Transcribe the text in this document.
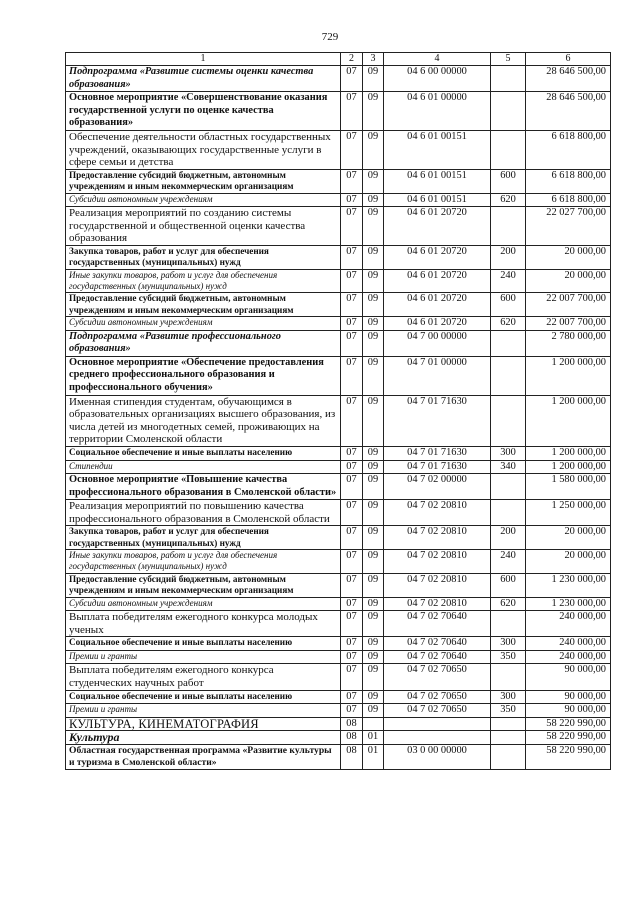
729
1	2	3	4	5	6
Подпрограмма «Развитие системы оценки качества образования»	07	09	04 6 00 00000		28 646 500,00
Основное мероприятие «Совершенствование оказания государственной услуги по оценке качества образования»	07	09	04 6 01 00000		28 646 500,00
Обеспечение деятельности областных государственных учреждений, оказывающих государственные услуги в сфере семьи и детства	07	09	04 6 01 00151		6 618 800,00
Предоставление субсидий бюджетным, автономным учреждениям и иным некоммерческим организациям	07	09	04 6 01 00151	600	6 618 800,00
Субсидии автономным учреждениям	07	09	04 6 01 00151	620	6 618 800,00
Реализация мероприятий по созданию системы государственной и общественной оценки качества образования	07	09	04 6 01 20720		22 027 700,00
Закупка товаров, работ и услуг для обеспечения государственных (муниципальных) нужд	07	09	04 6 01 20720	200	20 000,00
Иные закупки товаров, работ и услуг для обеспечения государственных (муниципальных) нужд	07	09	04 6 01 20720	240	20 000,00
Предоставление субсидий бюджетным, автономным учреждениям и иным некоммерческим организациям	07	09	04 6 01 20720	600	22 007 700,00
Субсидии автономным учреждениям	07	09	04 6 01 20720	620	22 007 700,00
Подпрограмма «Развитие профессионального образования»	07	09	04 7 00 00000		2 780 000,00
Основное мероприятие «Обеспечение предоставления среднего профессионального образования и профессионального обучения»	07	09	04 7 01 00000		1 200 000,00
Именная стипендия студентам, обучающимся в образовательных организациях высшего образования, из числа детей из многодетных семей, проживающих на территории Смоленской области	07	09	04 7 01 71630		1 200 000,00
Социальное обеспечение и иные выплаты населению	07	09	04 7 01 71630	300	1 200 000,00
Стипендии	07	09	04 7 01 71630	340	1 200 000,00
Основное мероприятие «Повышение качества профессионального образования в Смоленской области»	07	09	04 7 02 00000		1 580 000,00
Реализация мероприятий по повышению качества профессионального образования в Смоленской области	07	09	04 7 02 20810		1 250 000,00
Закупка товаров, работ и услуг для обеспечения государственных (муниципальных) нужд	07	09	04 7 02 20810	200	20 000,00
Иные закупки товаров, работ и услуг для обеспечения государственных (муниципальных) нужд	07	09	04 7 02 20810	240	20 000,00
Предоставление субсидий бюджетным, автономным учреждениям и иным некоммерческим организациям	07	09	04 7 02 20810	600	1 230 000,00
Субсидии автономным учреждениям	07	09	04 7 02 20810	620	1 230 000,00
Выплата победителям ежегодного конкурса молодых ученых	07	09	04 7 02 70640		240 000,00
Социальное обеспечение и иные выплаты населению	07	09	04 7 02 70640	300	240 000,00
Премии и гранты	07	09	04 7 02 70640	350	240 000,00
Выплата победителям ежегодного конкурса студенческих научных работ	07	09	04 7 02 70650		90 000,00
Социальное обеспечение и иные выплаты населению	07	09	04 7 02 70650	300	90 000,00
Премии и гранты	07	09	04 7 02 70650	350	90 000,00
КУЛЬТУРА, КИНЕМАТОГРАФИЯ	08				58 220 990,00
Культура	08	01			58 220 990,00
Областная государственная программа «Развитие культуры и туризма в Смоленской области»	08	01	03 0 00 00000		58 220 990,00
